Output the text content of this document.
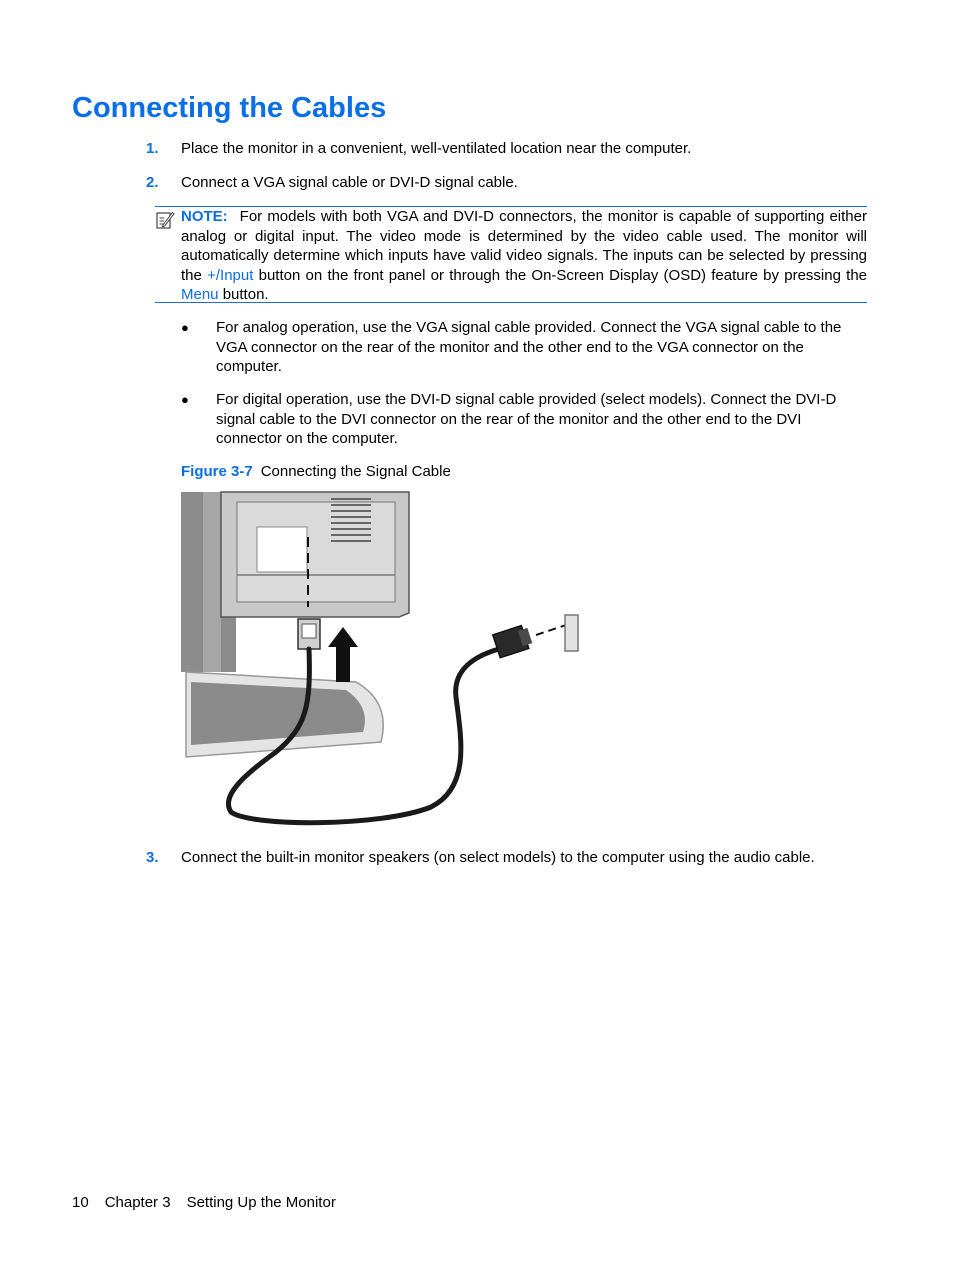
Connecting the Cables
1. Place the monitor in a convenient, well-ventilated location near the computer.
2. Connect a VGA signal cable or DVI-D signal cable.
NOTE: For models with both VGA and DVI-D connectors, the monitor is capable of supporting either analog or digital input. The video mode is determined by the video cable used. The monitor will automatically determine which inputs have valid video signals. The inputs can be selected by pressing the +/Input button on the front panel or through the On-Screen Display (OSD) feature by pressing the Menu button.
● For analog operation, use the VGA signal cable provided. Connect the VGA signal cable to the VGA connector on the rear of the monitor and the other end to the VGA connector on the computer.
● For digital operation, use the DVI-D signal cable provided (select models). Connect the DVI-D signal cable to the DVI connector on the rear of the monitor and the other end to the DVI connector on the computer.
Figure 3-7 Connecting the Signal Cable
3. Connect the built-in monitor speakers (on select models) to the computer using the audio cable.
10 Chapter 3 Setting Up the Monitor
